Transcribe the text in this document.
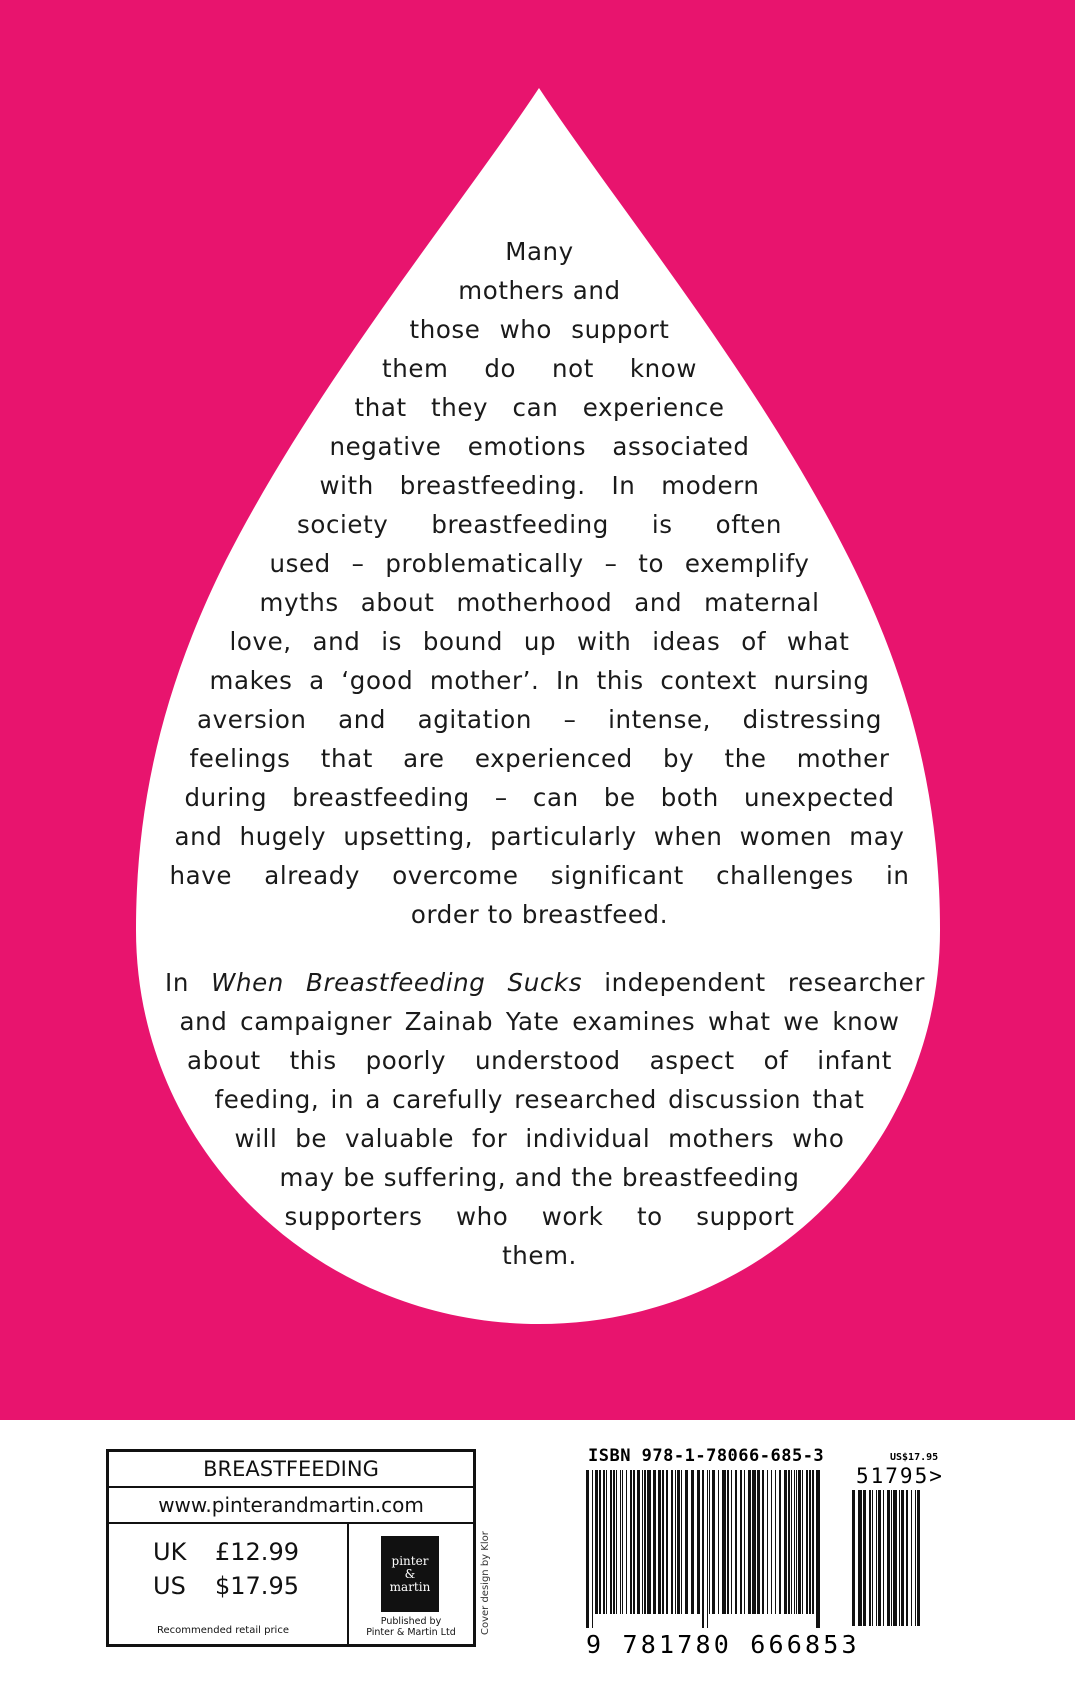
Many
mothers and
those who support
them do not know
that they can experience
negative emotions associated
with breastfeeding. In modern
society breastfeeding is often
used – problematically – to exemplify
myths about motherhood and maternal
love, and is bound up with ideas of what
makes a ‘good mother’. In this context nursing
aversion and agitation – intense, distressing
feelings that are experienced by the mother
during breastfeeding – can be both unexpected
and hugely upsetting, particularly when women may
have already overcome significant challenges in
order to breastfeed.
In When Breastfeeding Sucks independent researcher
and campaigner Zainab Yate examines what we know
about this poorly understood aspect of infant
feeding, in a carefully researched discussion that
will be valuable for individual mothers who
may be suffering, and the breastfeeding
supporters who work to support
them.
BREASTFEEDING
www.pinterandmartin.com
UK £12.99
US $17.95
Recommended retail price
pinter
&
martin
Published by
Pinter & Martin Ltd	Cover design by Klor
ISBN 978-1-78066-685-3
9 781780 666853
US$17.95
51795>
